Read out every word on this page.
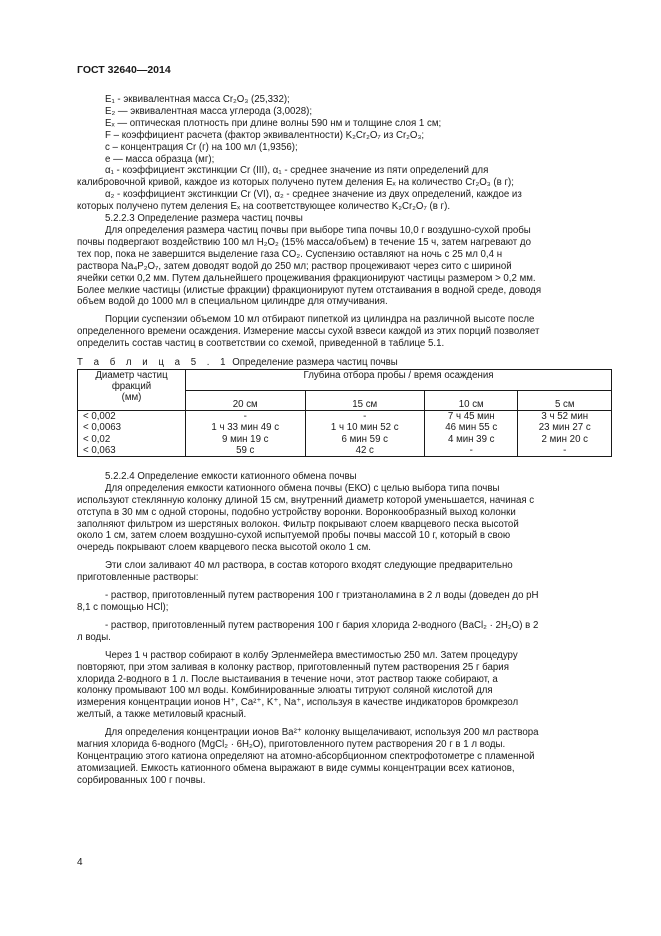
ГОСТ 32640—2014
E₁ - эквивалентная масса Cr₂O₃ (25,332);
E₂ — эквивалентная масса углерода (3,0028);
Eₓ — оптическая плотность при длине волны 590 нм и толщине слоя 1 см;
F – коэффициент расчета (фактор эквивалентности) K₂Cr₂O₇ из Cr₂O₃;
с – концентрация Cr (г) на 100 мл (1,9356);
е — масса образца (мг);
α₁ - коэффициент экстинкции Cr (III), α₁ - среднее значение из пяти определений для
калибровочной кривой, каждое из которых получено путем деления Eₓ на количество Cr₂O₃ (в г);
α₂ - коэффициент экстинкции Cr (VI), α₂ - среднее значение из двух определений, каждое из
которых получено путем деления Eₓ на соответствующее количество K₂Cr₂O₇ (в г).
5.2.2.3 Определение размера частиц почвы
Для определения размера частиц почвы при выборе типа почвы 10,0 г воздушно-сухой пробы
почвы подвергают воздействию 100 мл H₂O₂ (15% масса/объем) в течение 15 ч, затем нагревают до
тех пор, пока не завершится выделение газа CO₂. Суспензию оставляют на ночь с 25 мл 0,4 н
раствора Na₄P₂O₇, затем доводят водой до 250 мл; раствор процеживают через сито с шириной
ячейки сетки 0,2 мм. Путем дальнейшего процеживания фракционируют частицы размером > 0,2 мм.
Более мелкие частицы (илистые фракции) фракционируют путем отстаивания в водной среде, доводя
объем водой до 1000 мл в специальном цилиндре для отмучивания.
Порции суспензии объемом 10 мл отбирают пипеткой из цилиндра на различной высоте после
определенного времени осаждения. Измерение массы сухой взвеси каждой из этих порций позволяет
определить состав частиц в соответствии со схемой, приведенной в таблице 5.1.
Т а б л и ц а 5 . 1 Определение размера частиц почвы
Диаметр частиц
фракций
(мм)	Глубина отбора пробы / время осаждения			
	20 см	15 см	10 см	5 см
< 0,002	-	-	7 ч 45 мин	3 ч 52 мин
< 0,0063	1 ч 33 мин 49 с	1 ч 10 мин 52 с	46 мин 55 с	23 мин 27 с
< 0,02	9 мин 19 с	6 мин 59 с	4 мин 39 с	2 мин 20 с
< 0,063	59 с	42 с	-	-
5.2.2.4 Определение емкости катионного обмена почвы
Для определения емкости катионного обмена почвы (ЕКО) с целью выбора типа почвы
используют стеклянную колонку длиной 15 см, внутренний диаметр которой уменьшается, начиная с
отступа в 30 мм с одной стороны, подобно устройству воронки. Воронкообразный выход колонки
заполняют фильтром из шерстяных волокон. Фильтр покрывают слоем кварцевого песка высотой
около 1 см, затем слоем воздушно-сухой испытуемой пробы почвы массой 10 г, который в свою
очередь покрывают слоем кварцевого песка высотой около 1 см.
Эти слои заливают 40 мл раствора, в состав которого входят следующие предварительно
приготовленные растворы:
- раствор, приготовленный путем растворения 100 г триэтаноламина в 2 л воды (доведен до pH
8,1 с помощью HCl);
- раствор, приготовленный путем растворения 100 г бария хлорида 2-водного (BaCl₂ · 2H₂O) в 2
л воды.
Через 1 ч раствор собирают в колбу Эрленмейера вместимостью 250 мл. Затем процедуру
повторяют, при этом заливая в колонку раствор, приготовленный путем растворения 25 г бария
хлорида 2-водного в 1 л. После выстаивания в течение ночи, этот раствор также собирают, а
колонку промывают 100 мл воды. Комбинированные элюаты титруют соляной кислотой для
измерения концентрации ионов H⁺, Ca²⁺, K⁺, Na⁺, используя в качестве индикаторов бромкрезол
желтый, а также метиловый красный.
Для определения концентрации ионов Ba²⁺ колонку выщелачивают, используя 200 мл раствора
магния хлорида 6-водного (MgCl₂ · 6H₂O), приготовленного путем растворения 20 г в 1 л воды.
Концентрацию этого катиона определяют на атомно-абсорбционном спектрофотометре с пламенной
атомизацией. Емкость катионного обмена выражают в виде суммы концентрации всех катионов,
сорбированных 100 г почвы.
4
